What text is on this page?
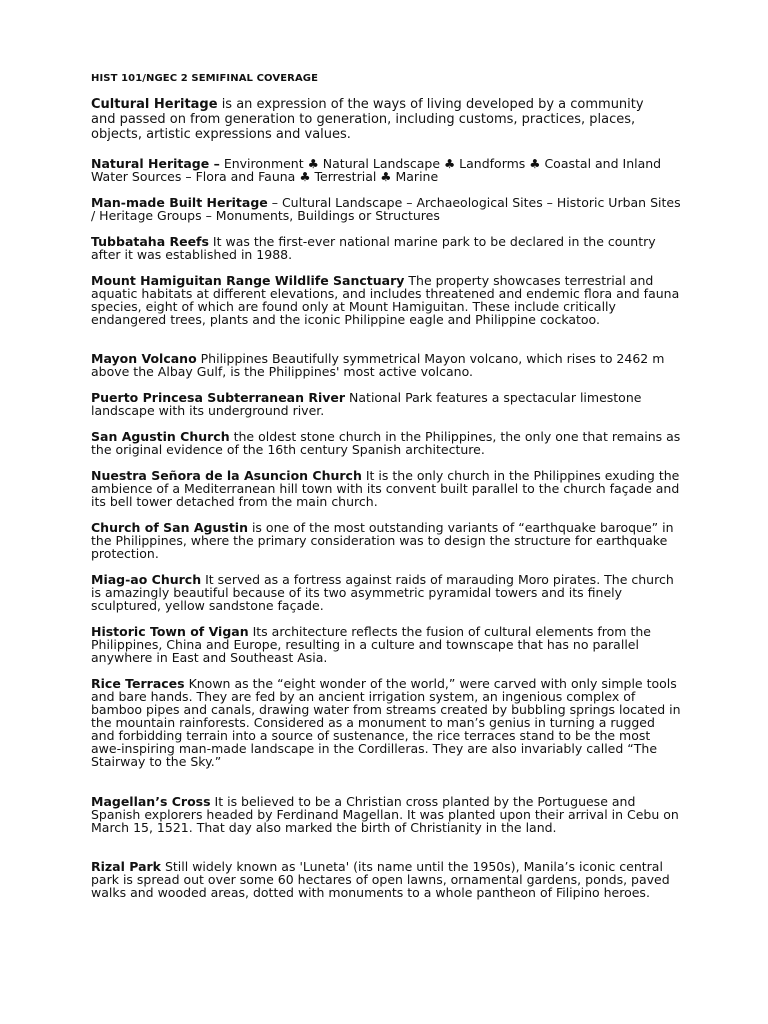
HIST 101/NGEC 2 SEMIFINAL COVERAGE

Cultural Heritage is an expression of the ways of living developed by a community and passed on from generation to generation, including customs, practices, places, objects, artistic expressions and values.

Natural Heritage – Environment ♣ Natural Landscape ♣ Landforms ♣ Coastal and Inland Water Sources – Flora and Fauna ♣ Terrestrial ♣ Marine

Man-made Built Heritage – Cultural Landscape – Archaeological Sites – Historic Urban Sites / Heritage Groups – Monuments, Buildings or Structures

Tubbataha Reefs It was the first-ever national marine park to be declared in the country after it was established in 1988.

Mount Hamiguitan Range Wildlife Sanctuary The property showcases terrestrial and aquatic habitats at different elevations, and includes threatened and endemic flora and fauna species, eight of which are found only at Mount Hamiguitan. These include critically endangered trees, plants and the iconic Philippine eagle and Philippine cockatoo.

Mayon Volcano Philippines Beautifully symmetrical Mayon volcano, which rises to 2462 m above the Albay Gulf, is the Philippines' most active volcano.

Puerto Princesa Subterranean River National Park features a spectacular limestone landscape with its underground river.

San Agustin Church the oldest stone church in the Philippines, the only one that remains as the original evidence of the 16th century Spanish architecture.

Nuestra Señora de la Asuncion Church It is the only church in the Philippines exuding the ambience of a Mediterranean hill town with its convent built parallel to the church façade and its bell tower detached from the main church.

Church of San Agustin is one of the most outstanding variants of “earthquake baroque” in the Philippines, where the primary consideration was to design the structure for earthquake protection.

Miag-ao Church It served as a fortress against raids of marauding Moro pirates. The church is amazingly beautiful because of its two asymmetric pyramidal towers and its finely sculptured, yellow sandstone façade.

Historic Town of Vigan Its architecture reflects the fusion of cultural elements from the Philippines, China and Europe, resulting in a culture and townscape that has no parallel anywhere in East and Southeast Asia.

Rice Terraces Known as the “eight wonder of the world,” were carved with only simple tools and bare hands. They are fed by an ancient irrigation system, an ingenious complex of bamboo pipes and canals, drawing water from streams created by bubbling springs located in the mountain rainforests. Considered as a monument to man’s genius in turning a rugged and forbidding terrain into a source of sustenance, the rice terraces stand to be the most awe-inspiring man-made landscape in the Cordilleras. They are also invariably called “The Stairway to the Sky.”

Magellan’s Cross It is believed to be a Christian cross planted by the Portuguese and Spanish explorers headed by Ferdinand Magellan. It was planted upon their arrival in Cebu on March 15, 1521. That day also marked the birth of Christianity in the land.

Rizal Park Still widely known as 'Luneta' (its name until the 1950s), Manila’s iconic central park is spread out over some 60 hectares of open lawns, ornamental gardens, ponds, paved walks and wooded areas, dotted with monuments to a whole pantheon of Filipino heroes.
